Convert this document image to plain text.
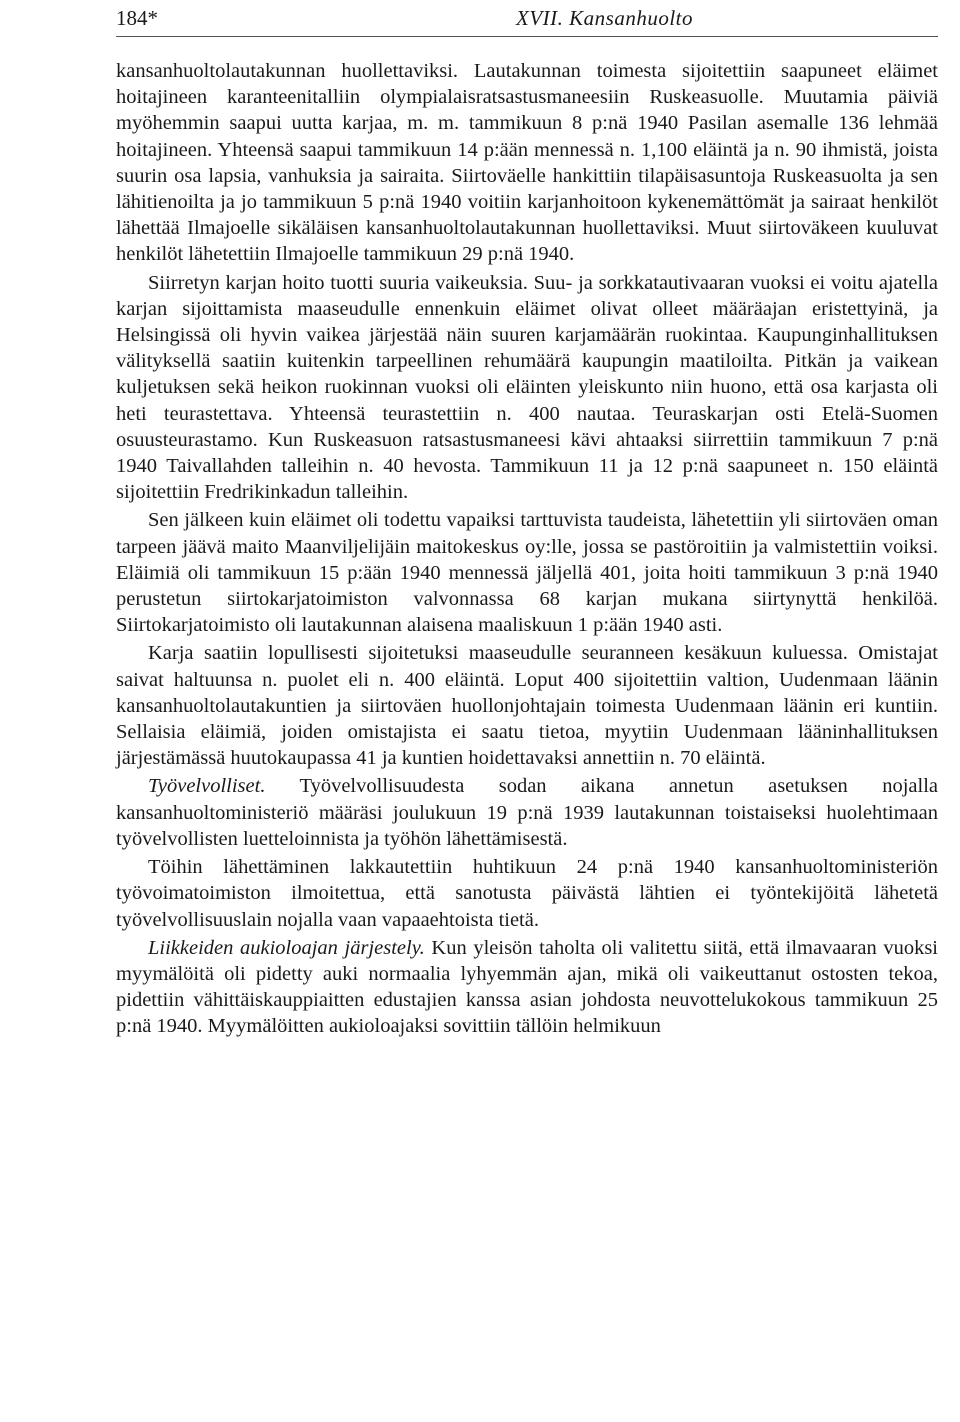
184*	XVII. Kansanhuolto

kansanhuoltolautakunnan huollettaviksi. Lautakunnan toimesta sijoitettiin saapuneet eläimet hoitajineen karanteenitalliin olympialaisratsastusmaneesiin Ruskeasuolle. Muutamia päiviä myöhemmin saapui uutta karjaa, m. m. tammikuun 8 p:nä 1940 Pasilan asemalle 136 lehmää hoitajineen. Yhteensä saapui tammikuun 14 p:ään mennessä n. 1,100 eläintä ja n. 90 ihmistä, joista suurin osa lapsia, vanhuksia ja sairaita. Siirtoväelle hankittiin tilapäisasuntoja Ruskeasuolta ja sen lähitienoilta ja jo tammikuun 5 p:nä 1940 voitiin karjanhoitoon kykenemättömät ja sairaat henkilöt lähettää Ilmajoelle sikäläisen kansanhuoltolautakunnan huollettaviksi. Muut siirtoväkeen kuuluvat henkilöt lähetettiin Ilmajoelle tammikuun 29 p:nä 1940.

Siirretyn karjan hoito tuotti suuria vaikeuksia. Suu- ja sorkkatautivaaran vuoksi ei voitu ajatella karjan sijoittamista maaseudulle ennenkuin eläimet olivat olleet määräajan eristettyinä, ja Helsingissä oli hyvin vaikea järjestää näin suuren karjamäärän ruokintaa. Kaupunginhallituksen välityksellä saatiin kuitenkin tarpeellinen rehumäärä kaupungin maatiloilta. Pitkän ja vaikean kuljetuksen sekä heikon ruokinnan vuoksi oli eläinten yleiskunto niin huono, että osa karjasta oli heti teurastettava. Yhteensä teurastettiin n. 400 nautaa. Teuraskarjan osti Etelä-Suomen osuusteurastamo. Kun Ruskeasuon ratsastusmaneesi kävi ahtaaksi siirrettiin tammikuun 7 p:nä 1940 Taivallahden talleihin n. 40 hevosta. Tammikuun 11 ja 12 p:nä saapuneet n. 150 eläintä sijoitettiin Fredrikinkadun talleihin.

Sen jälkeen kuin eläimet oli todettu vapaiksi tarttuvista taudeista, lähetettiin yli siirtoväen oman tarpeen jäävä maito Maanviljelijäin maitokeskus oy:lle, jossa se pastöroitiin ja valmistettiin voiksi. Eläimiä oli tammikuun 15 p:ään 1940 mennessä jäljellä 401, joita hoiti tammikuun 3 p:nä 1940 perustetun siirtokarjatoimiston valvonnassa 68 karjan mukana siirtynyttä henkilöä. Siirtokarjatoimisto oli lautakunnan alaisena maaliskuun 1 p:ään 1940 asti.

Karja saatiin lopullisesti sijoitetuksi maaseudulle seuranneen kesäkuun kuluessa. Omistajat saivat haltuunsa n. puolet eli n. 400 eläintä. Loput 400 sijoitettiin valtion, Uudenmaan läänin kansanhuoltolautakuntien ja siirtoväen huollonjohtajain toimesta Uudenmaan läänin eri kuntiin. Sellaisia eläimiä, joiden omistajista ei saatu tietoa, myytiin Uudenmaan lääninhallituksen järjestämässä huutokaupassa 41 ja kuntien hoidettavaksi annettiin n. 70 eläintä.

Työvelvolliset. Työvelvollisuudesta sodan aikana annetun asetuksen nojalla kansanhuoltoministeriö määräsi joulukuun 19 p:nä 1939 lautakunnan toistaiseksi huolehtimaan työvelvollisten luetteloinnista ja työhön lähettämisestä.

Töihin lähettäminen lakkautettiin huhtikuun 24 p:nä 1940 kansanhuoltoministeriön työvoimatoimiston ilmoitettua, että sanotusta päivästä lähtien ei työntekijöitä lähetetä työvelvollisuuslain nojalla vaan vapaaehtoista tietä.

Liikkeiden aukioloajan järjestely. Kun yleisön taholta oli valitettu siitä, että ilmavaaran vuoksi myymälöitä oli pidetty auki normaalia lyhyemmän ajan, mikä oli vaikeuttanut ostosten tekoa, pidettiin vähittäiskauppiaitten edustajien kanssa asian johdosta neuvottelukokous tammikuun 25 p:nä 1940. Myymälöitten aukioloajaksi sovittiin tällöin helmikuun
